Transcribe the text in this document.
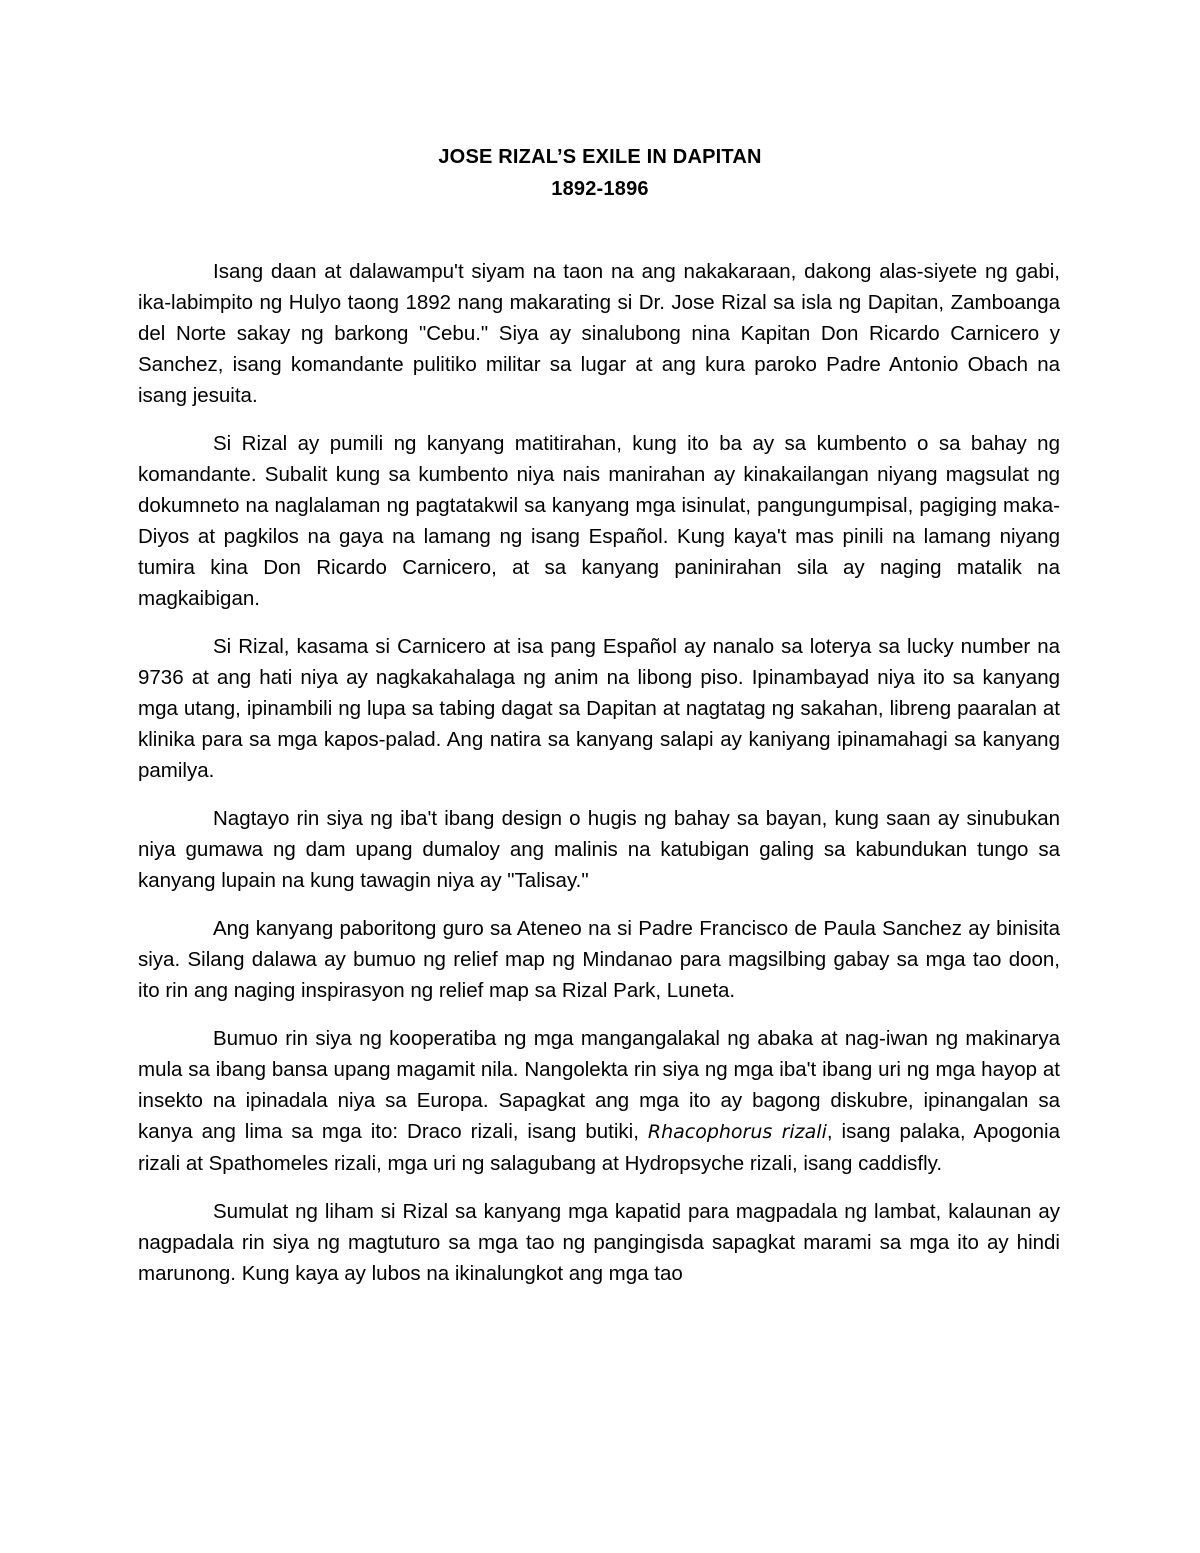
JOSE RIZAL’S EXILE IN DAPITAN
1892-1896

Isang daan at dalawampu't siyam na taon na ang nakakaraan, dakong alas-siyete ng gabi, ika-labimpito ng Hulyo taong 1892 nang makarating si Dr. Jose Rizal sa isla ng Dapitan, Zamboanga del Norte sakay ng barkong "Cebu." Siya ay sinalubong nina Kapitan Don Ricardo Carnicero y Sanchez, isang komandante pulitiko militar sa lugar at ang kura paroko Padre Antonio Obach na isang jesuita.

Si Rizal ay pumili ng kanyang matitirahan, kung ito ba ay sa kumbento o sa bahay ng komandante. Subalit kung sa kumbento niya nais manirahan ay kinakailangan niyang magsulat ng dokumneto na naglalaman ng pagtatakwil sa kanyang mga isinulat, pangungumpisal, pagiging maka-Diyos at pagkilos na gaya na lamang ng isang Español. Kung kaya't mas pinili na lamang niyang tumira kina Don Ricardo Carnicero, at sa kanyang paninirahan sila ay naging matalik na magkaibigan.

Si Rizal, kasama si Carnicero at isa pang Español ay nanalo sa loterya sa lucky number na 9736 at ang hati niya ay nagkakahalaga ng anim na libong piso. Ipinambayad niya ito sa kanyang mga utang, ipinambili ng lupa sa tabing dagat sa Dapitan at nagtatag ng sakahan, libreng paaralan at klinika para sa mga kapos-palad. Ang natira sa kanyang salapi ay kaniyang ipinamahagi sa kanyang pamilya.

Nagtayo rin siya ng iba't ibang design o hugis ng bahay sa bayan, kung saan ay sinubukan niya gumawa ng dam upang dumaloy ang malinis na katubigan galing sa kabundukan tungo sa kanyang lupain na kung tawagin niya ay "Talisay."

Ang kanyang paboritong guro sa Ateneo na si Padre Francisco de Paula Sanchez ay binisita siya. Silang dalawa ay bumuo ng relief map ng Mindanao para magsilbing gabay sa mga tao doon, ito rin ang naging inspirasyon ng relief map sa Rizal Park, Luneta.

Bumuo rin siya ng kooperatiba ng mga mangangalakal ng abaka at nag-iwan ng makinarya mula sa ibang bansa upang magamit nila. Nangolekta rin siya ng mga iba't ibang uri ng mga hayop at insekto na ipinadala niya sa Europa. Sapagkat ang mga ito ay bagong diskubre, ipinangalan sa kanya ang lima sa mga ito: Draco rizali, isang butiki, Rhacophorus rizali, isang palaka, Apogonia rizali at Spathomeles rizali, mga uri ng salagubang at Hydropsyche rizali, isang caddisfly.

Sumulat ng liham si Rizal sa kanyang mga kapatid para magpadala ng lambat, kalaunan ay nagpadala rin siya ng magtuturo sa mga tao ng pangingisda sapagkat marami sa mga ito ay hindi marunong. Kung kaya ay lubos na ikinalungkot ang mga tao
